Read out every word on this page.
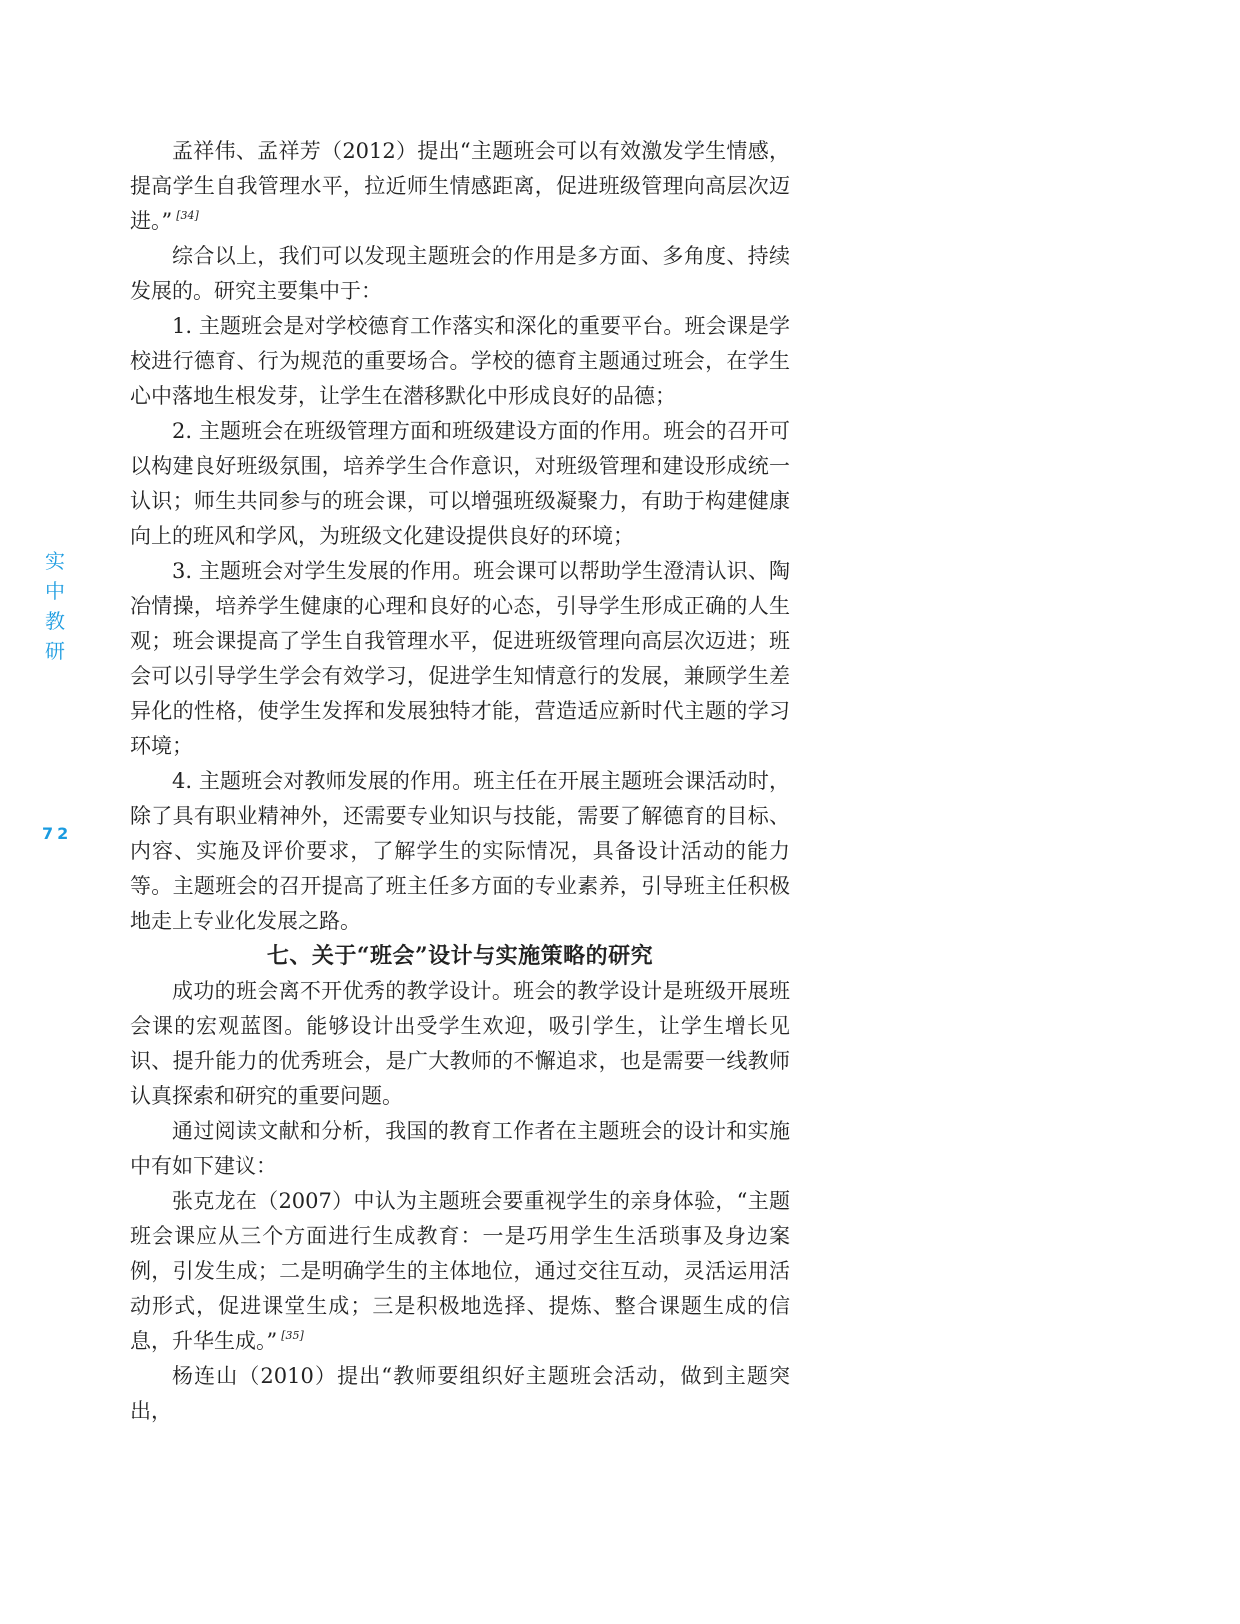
实
中
教
研
72

孟祥伟、孟祥芳（2012）提出“主题班会可以有效激发学生情感，提高学生自我管理水平，拉近师生情感距离，促进班级管理向高层次迈进。” [34]

综合以上，我们可以发现主题班会的作用是多方面、多角度、持续发展的。研究主要集中于：

1. 主题班会是对学校德育工作落实和深化的重要平台。班会课是学校进行德育、行为规范的重要场合。学校的德育主题通过班会，在学生心中落地生根发芽，让学生在潜移默化中形成良好的品德；

2. 主题班会在班级管理方面和班级建设方面的作用。班会的召开可以构建良好班级氛围，培养学生合作意识，对班级管理和建设形成统一认识；师生共同参与的班会课，可以增强班级凝聚力，有助于构建健康向上的班风和学风，为班级文化建设提供良好的环境；

3. 主题班会对学生发展的作用。班会课可以帮助学生澄清认识、陶冶情操，培养学生健康的心理和良好的心态，引导学生形成正确的人生观；班会课提高了学生自我管理水平，促进班级管理向高层次迈进；班会可以引导学生学会有效学习，促进学生知情意行的发展，兼顾学生差异化的性格，使学生发挥和发展独特才能，营造适应新时代主题的学习环境；

4. 主题班会对教师发展的作用。班主任在开展主题班会课活动时，除了具有职业精神外，还需要专业知识与技能，需要了解德育的目标、内容、实施及评价要求，了解学生的实际情况，具备设计活动的能力等。主题班会的召开提高了班主任多方面的专业素养，引导班主任积极地走上专业化发展之路。

七、关于“班会”设计与实施策略的研究

成功的班会离不开优秀的教学设计。班会的教学设计是班级开展班会课的宏观蓝图。能够设计出受学生欢迎，吸引学生，让学生增长见识、提升能力的优秀班会，是广大教师的不懈追求，也是需要一线教师认真探索和研究的重要问题。

通过阅读文献和分析，我国的教育工作者在主题班会的设计和实施中有如下建议：

张克龙在（2007）中认为主题班会要重视学生的亲身体验，“主题班会课应从三个方面进行生成教育：一是巧用学生生活琐事及身边案例，引发生成；二是明确学生的主体地位，通过交往互动，灵活运用活动形式，促进课堂生成；三是积极地选择、提炼、整合课题生成的信息，升华生成。” [35]

杨连山（2010）提出“教师要组织好主题班会活动，做到主题突出，
